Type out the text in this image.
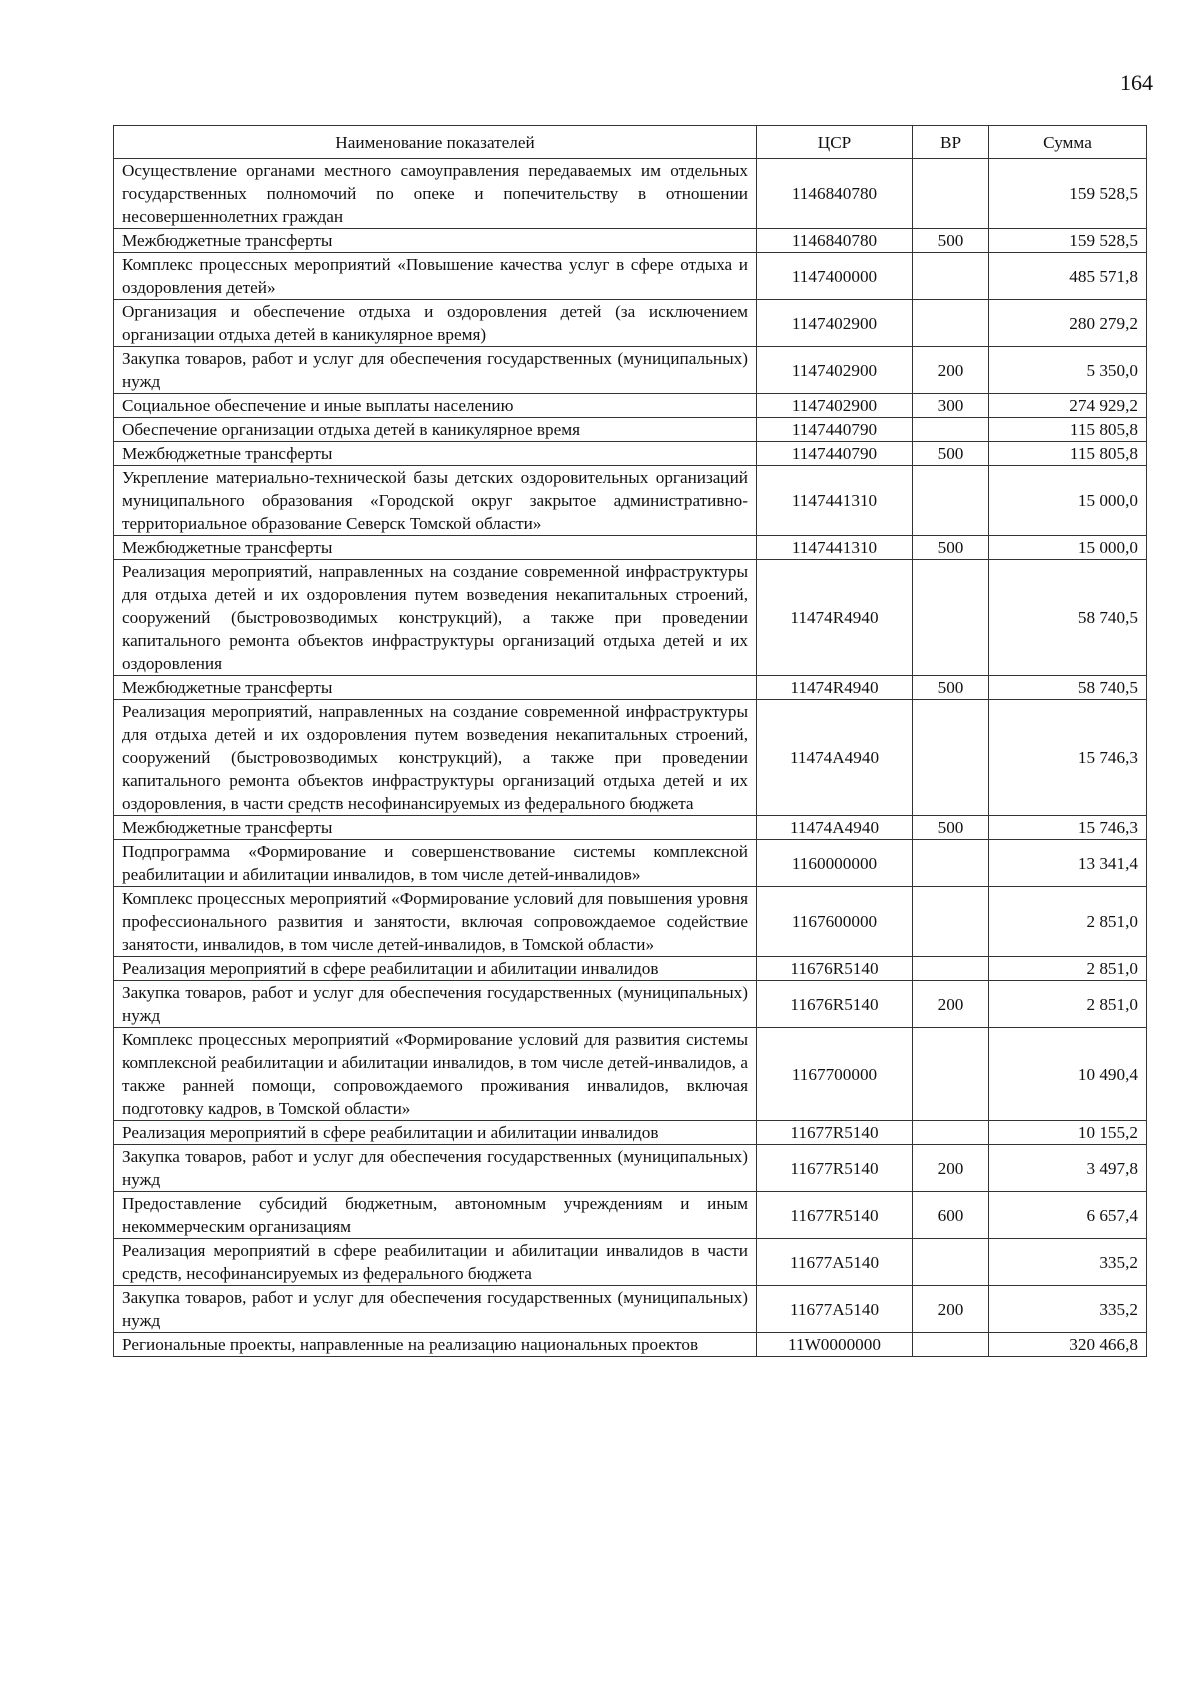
164
Наименование показателей	ЦСР	ВР	Сумма
Осуществление органами местного самоуправления передаваемых им отдельных государственных полномочий по опеке и попечительству в отношении несовершеннолетних граждан	1146840780		159 528,5
Межбюджетные трансферты	1146840780	500	159 528,5
Комплекс процессных мероприятий «Повышение качества услуг в сфере отдыха и оздоровления детей»	1147400000		485 571,8
Организация и обеспечение отдыха и оздоровления детей (за исключением организации отдыха детей в каникулярное время)	1147402900		280 279,2
Закупка товаров, работ и услуг для обеспечения государственных (муниципальных) нужд	1147402900	200	5 350,0
Социальное обеспечение и иные выплаты населению	1147402900	300	274 929,2
Обеспечение организации отдыха детей в каникулярное время	1147440790		115 805,8
Межбюджетные трансферты	1147440790	500	115 805,8
Укрепление материально-технической базы детских оздоровительных организаций муниципального образования «Городской округ закрытое административно-территориальное образование Северск Томской области»	1147441310		15 000,0
Межбюджетные трансферты	1147441310	500	15 000,0
Реализация мероприятий, направленных на создание современной инфраструктуры для отдыха детей и их оздоровления путем возведения некапитальных строений, сооружений (быстровозводимых конструкций), а также при проведении капитального ремонта объектов инфраструктуры организаций отдыха детей и их оздоровления	11474R4940		58 740,5
Межбюджетные трансферты	11474R4940	500	58 740,5
Реализация мероприятий, направленных на создание современной инфраструктуры для отдыха детей и их оздоровления путем возведения некапитальных строений, сооружений (быстровозводимых конструкций), а также при проведении капитального ремонта объектов инфраструктуры организаций отдыха детей и их оздоровления, в части средств несофинансируемых из федерального бюджета	11474A4940		15 746,3
Межбюджетные трансферты	11474A4940	500	15 746,3
Подпрограмма «Формирование и совершенствование системы комплексной реабилитации и абилитации инвалидов, в том числе детей-инвалидов»	1160000000		13 341,4
Комплекс процессных мероприятий «Формирование условий для повышения уровня профессионального развития и занятости, включая сопровождаемое содействие занятости, инвалидов, в том числе детей-инвалидов, в Томской области»	1167600000		2 851,0
Реализация мероприятий в сфере реабилитации и абилитации инвалидов	11676R5140		2 851,0
Закупка товаров, работ и услуг для обеспечения государственных (муниципальных) нужд	11676R5140	200	2 851,0
Комплекс процессных мероприятий «Формирование условий для развития системы комплексной реабилитации и абилитации инвалидов, в том числе детей-инвалидов, а также ранней помощи, сопровождаемого проживания инвалидов, включая подготовку кадров, в Томской области»	1167700000		10 490,4
Реализация мероприятий в сфере реабилитации и абилитации инвалидов	11677R5140		10 155,2
Закупка товаров, работ и услуг для обеспечения государственных (муниципальных) нужд	11677R5140	200	3 497,8
Предоставление субсидий бюджетным, автономным учреждениям и иным некоммерческим организациям	11677R5140	600	6 657,4
Реализация мероприятий в сфере реабилитации и абилитации инвалидов в части средств, несофинансируемых из федерального бюджета	11677A5140		335,2
Закупка товаров, работ и услуг для обеспечения государственных (муниципальных) нужд	11677A5140	200	335,2
Региональные проекты, направленные на реализацию национальных проектов	11W0000000		320 466,8
